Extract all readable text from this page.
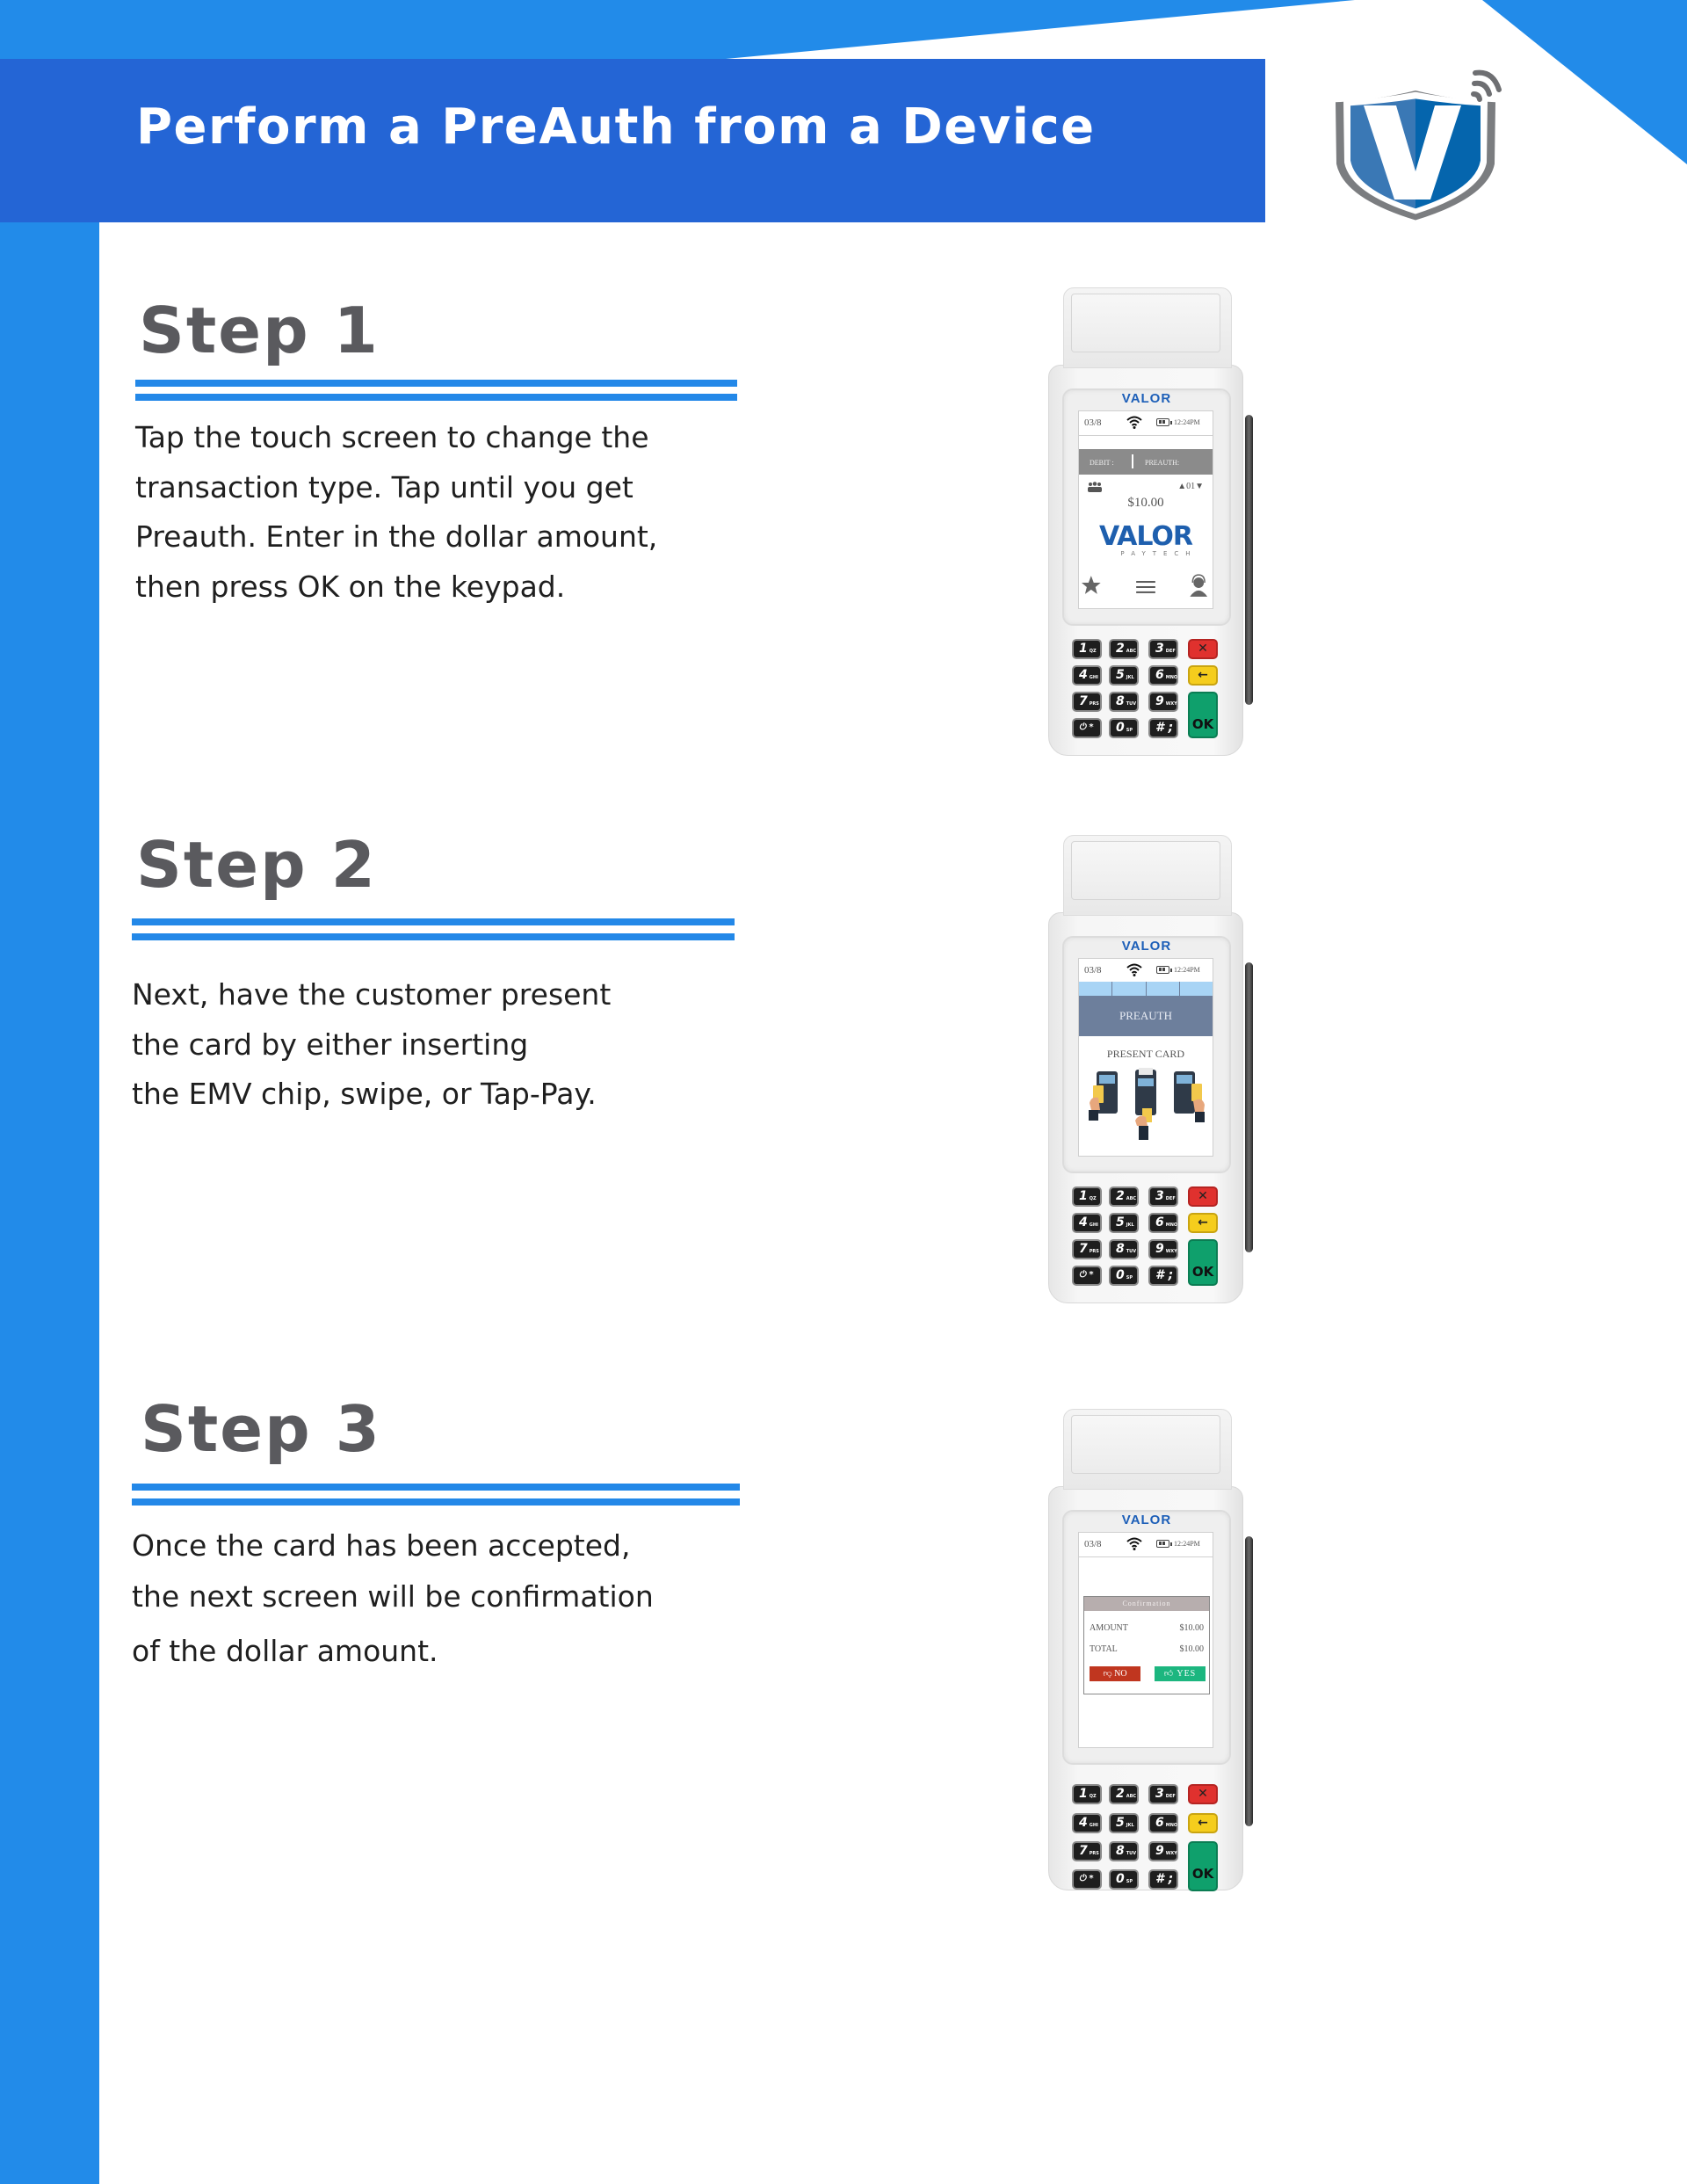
Perform a PreAuth from a Device
Step 1
Tap the touch screen to change the
transaction type. Tap until you get
Preauth. Enter in the dollar amount,
then press OK on the keypad.
Step 2
Next, have the customer present
the card by either inserting
the EMV chip, swipe, or Tap-Pay.
Step 3
Once the card has been accepted,
the next screen will be confirmation
of the dollar amount.
VALOR
03/8	12:24PM
DEBIT :	PREAUTH:
▲01▼
$10.00
VALOR
PAYTECH
1 QZ	2 ABC	3 DEF	✕
4 GHI	5 JKL	6 MNO	←
7 PRS	8 TUV	9 WXY
OK
⏻ *	0 SP	# ;
VALOR
03/8	12:24PM
PREAUTH
PRESENT CARD
1 QZ	2 ABC	3 DEF	✕
4 GHI	5 JKL	6 MNO	←
7 PRS	8 TUV	9 WXY
OK
⏻ *	0 SP	# ;
VALOR
03/8	12:24PM
Confirmation
AMOUNT	$10.00
TOTAL	$10.00
👎︎ NO	👍︎ YES
1 QZ	2 ABC	3 DEF	✕
4 GHI	5 JKL	6 MNO	←
7 PRS	8 TUV	9 WXY
OK
⏻ *	0 SP	# ;
